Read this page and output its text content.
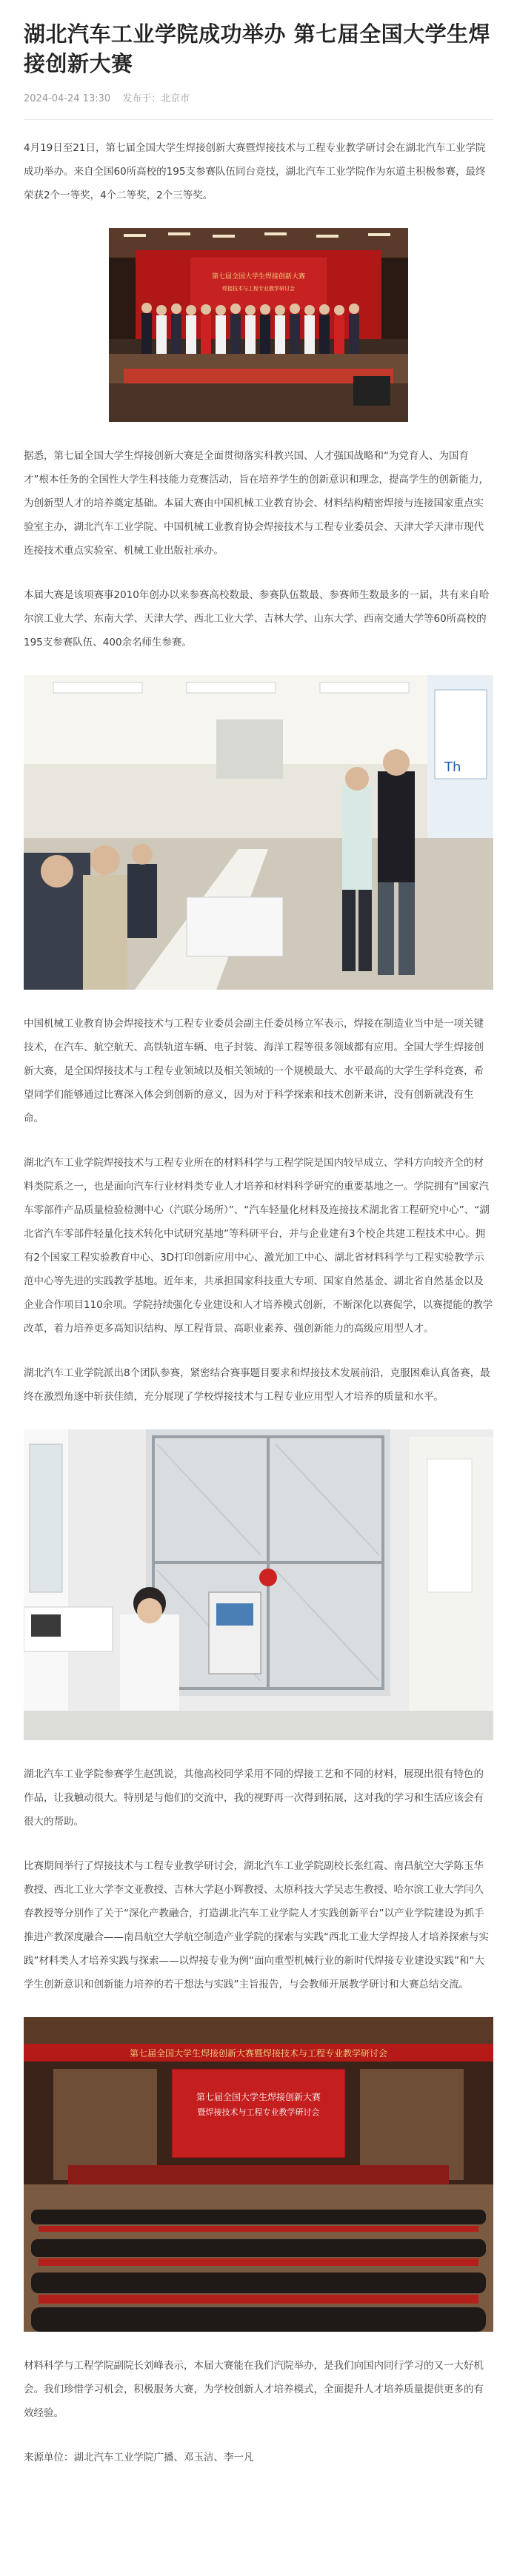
湖北汽车工业学院成功举办 第七届全国大学生焊接创新大赛
2024-04-24 13:30 发布于：北京市

4月19日至21日，第七届全国大学生焊接创新大赛暨焊接技术与工程专业教学研讨会在湖北汽车工业学院成功举办。来自全国60所高校的195支参赛队伍同台竞技，湖北汽车工业学院作为东道主积极参赛，最终荣获2个一等奖，4个二等奖，2个三等奖。

第七届全国大学生焊接创新大赛
焊接技术与工程专业教学研讨会

据悉，第七届全国大学生焊接创新大赛是全面贯彻落实科教兴国、人才强国战略和“为党育人、为国育才”根本任务的全国性大学生科技能力竞赛活动，旨在培养学生的创新意识和理念，提高学生的创新能力，为创新型人才的培养奠定基础。本届大赛由中国机械工业教育协会、材料结构精密焊接与连接国家重点实验室主办，湖北汽车工业学院、中国机械工业教育协会焊接技术与工程专业委员会、天津大学天津市现代连接技术重点实验室、机械工业出版社承办。

本届大赛是该项赛事2010年创办以来参赛高校数最、参赛队伍数最、参赛师生数最多的一届，共有来自哈尔滨工业大学、东南大学、天津大学、西北工业大学、吉林大学、山东大学、西南交通大学等60所高校的195支参赛队伍、400余名师生参赛。

Th

中国机械工业教育协会焊接技术与工程专业委员会副主任委员杨立军表示，焊接在制造业当中是一项关键技术，在汽车、航空航天、高铁轨道车辆、电子封装、海洋工程等很多领域都有应用。全国大学生焊接创新大赛，是全国焊接技术与工程专业领域以及相关领域的一个规模最大、水平最高的大学生学科竞赛，希望同学们能够通过比赛深入体会到创新的意义，因为对于科学探索和技术创新来讲，没有创新就没有生命。

湖北汽车工业学院焊接技术与工程专业所在的材料科学与工程学院是国内较早成立、学科方向较齐全的材料类院系之一，也是面向汽车行业材料类专业人才培养和材料科学研究的重要基地之一。学院拥有“国家汽车零部件产品质量检验检测中心（汽联分场所）”、“汽车轻量化材料及连接技术湖北省工程研究中心”、“湖北省汽车零部件轻量化技术转化中试研究基地”等科研平台，并与企业建有3个校企共建工程技术中心。拥有2个国家工程实验教育中心、3D打印创新应用中心、激光加工中心、湖北省材料科学与工程实验教学示范中心等先进的实践教学基地。近年来，共承担国家科技重大专项、国家自然基金、湖北省自然基金以及企业合作项目110余项。学院持续强化专业建设和人才培养模式创新，不断深化以赛促学，以赛提能的教学改革，着力培养更多高知识结构、厚工程背景、高职业素养、强创新能力的高级应用型人才。

湖北汽车工业学院派出8个团队参赛，紧密结合赛事题目要求和焊接技术发展前沿，克服困难认真备赛，最终在激烈角逐中斩获佳绩，充分展现了学校焊接技术与工程专业应用型人才培养的质量和水平。

湖北汽车工业学院参赛学生赵凯说，其他高校同学采用不同的焊接工艺和不同的材料，展现出很有特色的作品，让我触动很大。特别是与他们的交流中，我的视野再一次得到拓展，这对我的学习和生活应该会有很大的帮助。

比赛期间举行了焊接技术与工程专业教学研讨会，湖北汽车工业学院副校长张红霞、南昌航空大学陈玉华教授、西北工业大学李文亚教授、吉林大学赵小辉教授、太原科技大学吴志生教授、哈尔滨工业大学闫久春教授等分别作了关于“深化产教融合，打造湖北汽车工业学院人才实践创新平台”以产业学院建设为抓手推进产教深度融合——南昌航空大学航空制造产业学院的探索与实践“西北工业大学焊接人才培养探索与实践”材料类人才培养实践与探索——以焊接专业为例“面向重型机械行业的新时代焊接专业建设实践”和“大学生创新意识和创新能力培养的若干想法与实践”主旨报告，与会教师开展教学研讨和大赛总结交流。

第七届全国大学生焊接创新大赛暨焊接技术与工程专业教学研讨会
第七届全国大学生焊接创新大赛
暨焊接技术与工程专业教学研讨会

材料科学与工程学院副院长刘峰表示，本届大赛能在我们汽院举办，是我们向国内同行学习的又一大好机会。我们珍惜学习机会，积极服务大赛，为学校创新人才培养模式，全面提升人才培养质量提供更多的有效经验。

来源单位：湖北汽车工业学院广播、邓玉洁、李一凡
